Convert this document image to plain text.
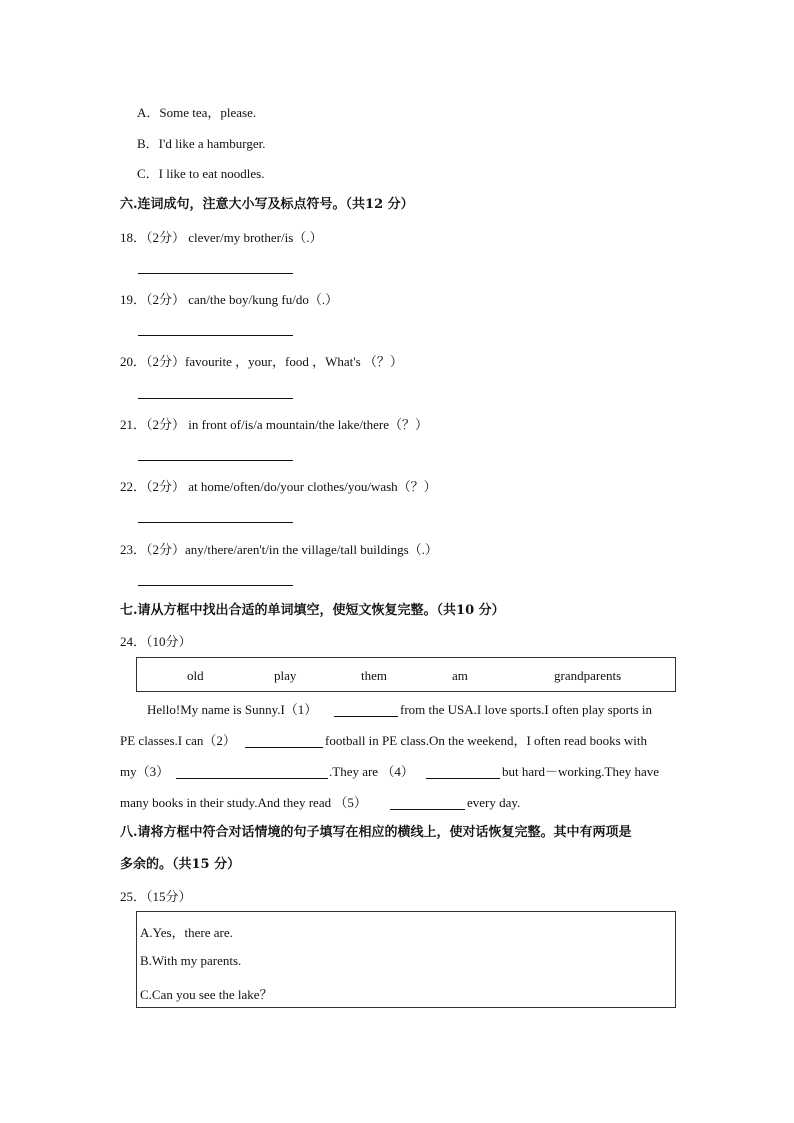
A．Some tea，please.
B．I'd like a hamburger.
C．I like to eat noodles.
六.连词成句，注意大小写及标点符号。（共12 分）
18．（2分） clever/my brother/is（.）
19．（2分） can/the boy/kung fu/do（.）
20．（2分）favourite ，your，food ，What's （？）
21．（2分） in front of/is/a mountain/the lake/there（？）
22．（2分） at home/often/do/your clothes/you/wash（？）
23．（2分）any/there/aren't/in the village/tall buildings（.）
七.请从方框中找出合适的单词填空，使短文恢复完整。（共10 分）
24．（10分）
old	play	them	am	grandparents
Hello!My name is Sunny.I（1）	from the USA.I love sports.I often play sports in
PE classes.I can（2）	football in PE class.On the weekend，I often read books with
my（3）	.They are （4）	but hard－working.They have
many books in their study.And they read （5）	every day.
八.请将方框中符合对话情境的句子填写在相应的横线上，使对话恢复完整。其中有两项是
多余的。（共15 分）
25．（15分）
A.Yes，there are.
B.With my parents.
C.Can you see the lake？
